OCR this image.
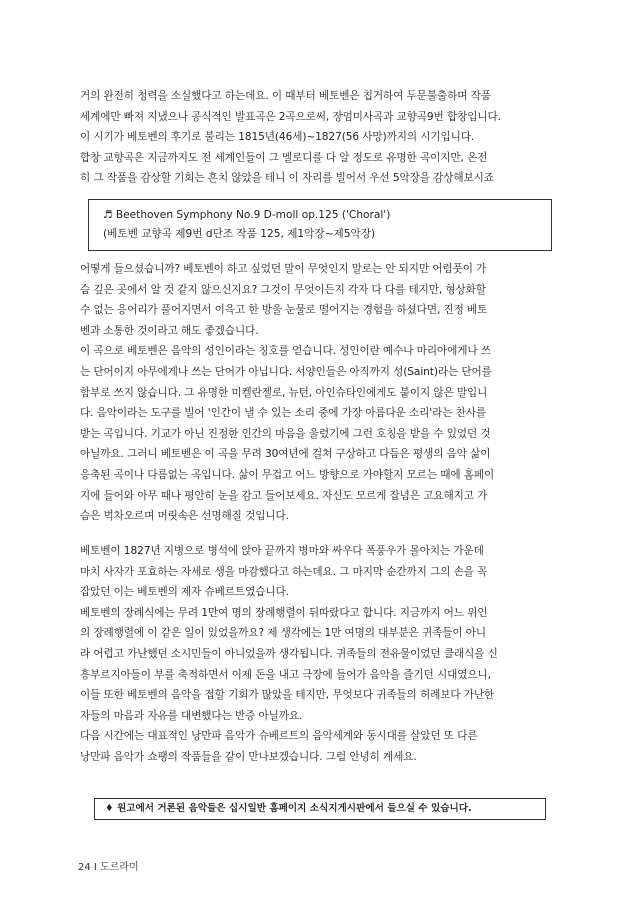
거의 완전히 청력을 소실했다고 하는데요. 이 때부터 베토벤은 칩거하여 두문불출하며 작품
세계에만 빠져 지냈으나 공식적인 발표곡은 2곡으로써, 장엄미사곡과 교향곡9번 합창입니다.
이 시기가 베토벤의 후기로 불리는 1815년(46세)~1827(56 사망)까지의 시기입니다.
합창 교향곡은 지금까지도 전 세계인들이 그 멜로디를 다 알 정도로 유명한 곡이지만, 온전
히 그 작품을 감상할 기회는 흔치 않았을 테니 이 자리를 빌어서 우선 5악장을 감상해보시죠
♬ Beethoven Symphony No.9 D-moll op.125 ('Choral')
(베토벤 교향곡 제9번 d단조 작품 125, 제1악장~제5악장)
어떻게 들으셨습니까? 베토벤이 하고 싶었던 말이 무엇인지 말로는 안 되지만 어렴풋이 가
슴 깊은 곳에서 알 것 같지 않으신지요? 그것이 무엇이든지 각자 다 다를 테지만, 형상화할
수 없는 응어리가 풀어지면서 이윽고 한 방울 눈물로 떨어지는 경험을 하셨다면, 진정 베토
벤과 소통한 것이라고 해도 좋겠습니다.
이 곡으로 베토벤은 음악의 성인이라는 칭호를 얻습니다. 성인이란 예수나 마리아에게나 쓰
는 단어이지 아무에게나 쓰는 단어가 아닙니다. 서양인들은 아직까지 성(Saint)라는 단어를
함부로 쓰지 않습니다. 그 유명한 미켈란젤로, 뉴턴, 아인슈타인에게도 붙이지 않은 말입니
다. 음악이라는 도구를 빌어 '인간이 낼 수 있는 소리 중에 가장 아름다운 소리'라는 찬사를
받는 곡입니다. 기교가 아닌 진정한 인간의 마음을 울렸기에 그런 호칭을 받을 수 있었던 것
아닐까요. 그러니 베토벤은 이 곡을 무려 30여년에 걸쳐 구상하고 다듬은 평생의 음악 삶이
응축된 곡이나 다름없는 곡입니다. 삶이 무겁고 어느 방향으로 가야할지 모르는 때에 홈페이
지에 들어와 아무 때나 평안히 눈을 감고 들어보세요. 자신도 모르게 잡념은 고요해지고 가
슴은 벅차오르며 머릿속은 선명해질 것입니다.
베토벤이 1827년 지병으로 병석에 앉아 끝까지 병마와 싸우다 폭풍우가 몰아치는 가운데
마치 사자가 포효하는 자세로 생을 마감했다고 하는데요. 그 마지막 순간까지 그의 손을 꼭
잡았던 이는 베토벤의 제자 슈베르트였습니다.
베토벤의 장례식에는 무려 1만여 명의 장례행렬이 뒤따랐다고 합니다. 지금까지 어느 위인
의 장례행렬에 이 같은 일이 있었을까요? 제 생각에는 1만 여명의 대부분은 귀족들이 아니
라 어렵고 가난했던 소시민들이 아니었을까 생각됩니다. 귀족들의 전유물이었던 클래식을 신
흥부르지아들이 부를 축적하면서 이제 돈을 내고 극장에 들어가 음악을 즐기던 시대였으니,
이들 또한 베토벤의 음악을 접할 기회가 많았을 테지만, 무엇보다 귀족들의 허례보다 가난한
자들의 마음과 자유를 대변했다는 반증 아닐까요.
다음 시간에는 대표적인 낭만파 음악가 슈베르트의 음악세계와 동시대를 살았던 또 다른
낭만파 음악가 쇼팽의 작품들을 같이 만나보겠습니다. 그럼 안녕히 계세요.
♦ 원고에서 거론된 음악들은 십시일반 홈페이지 소식지게시판에서 들으실 수 있습니다.
24 I 도르라미
